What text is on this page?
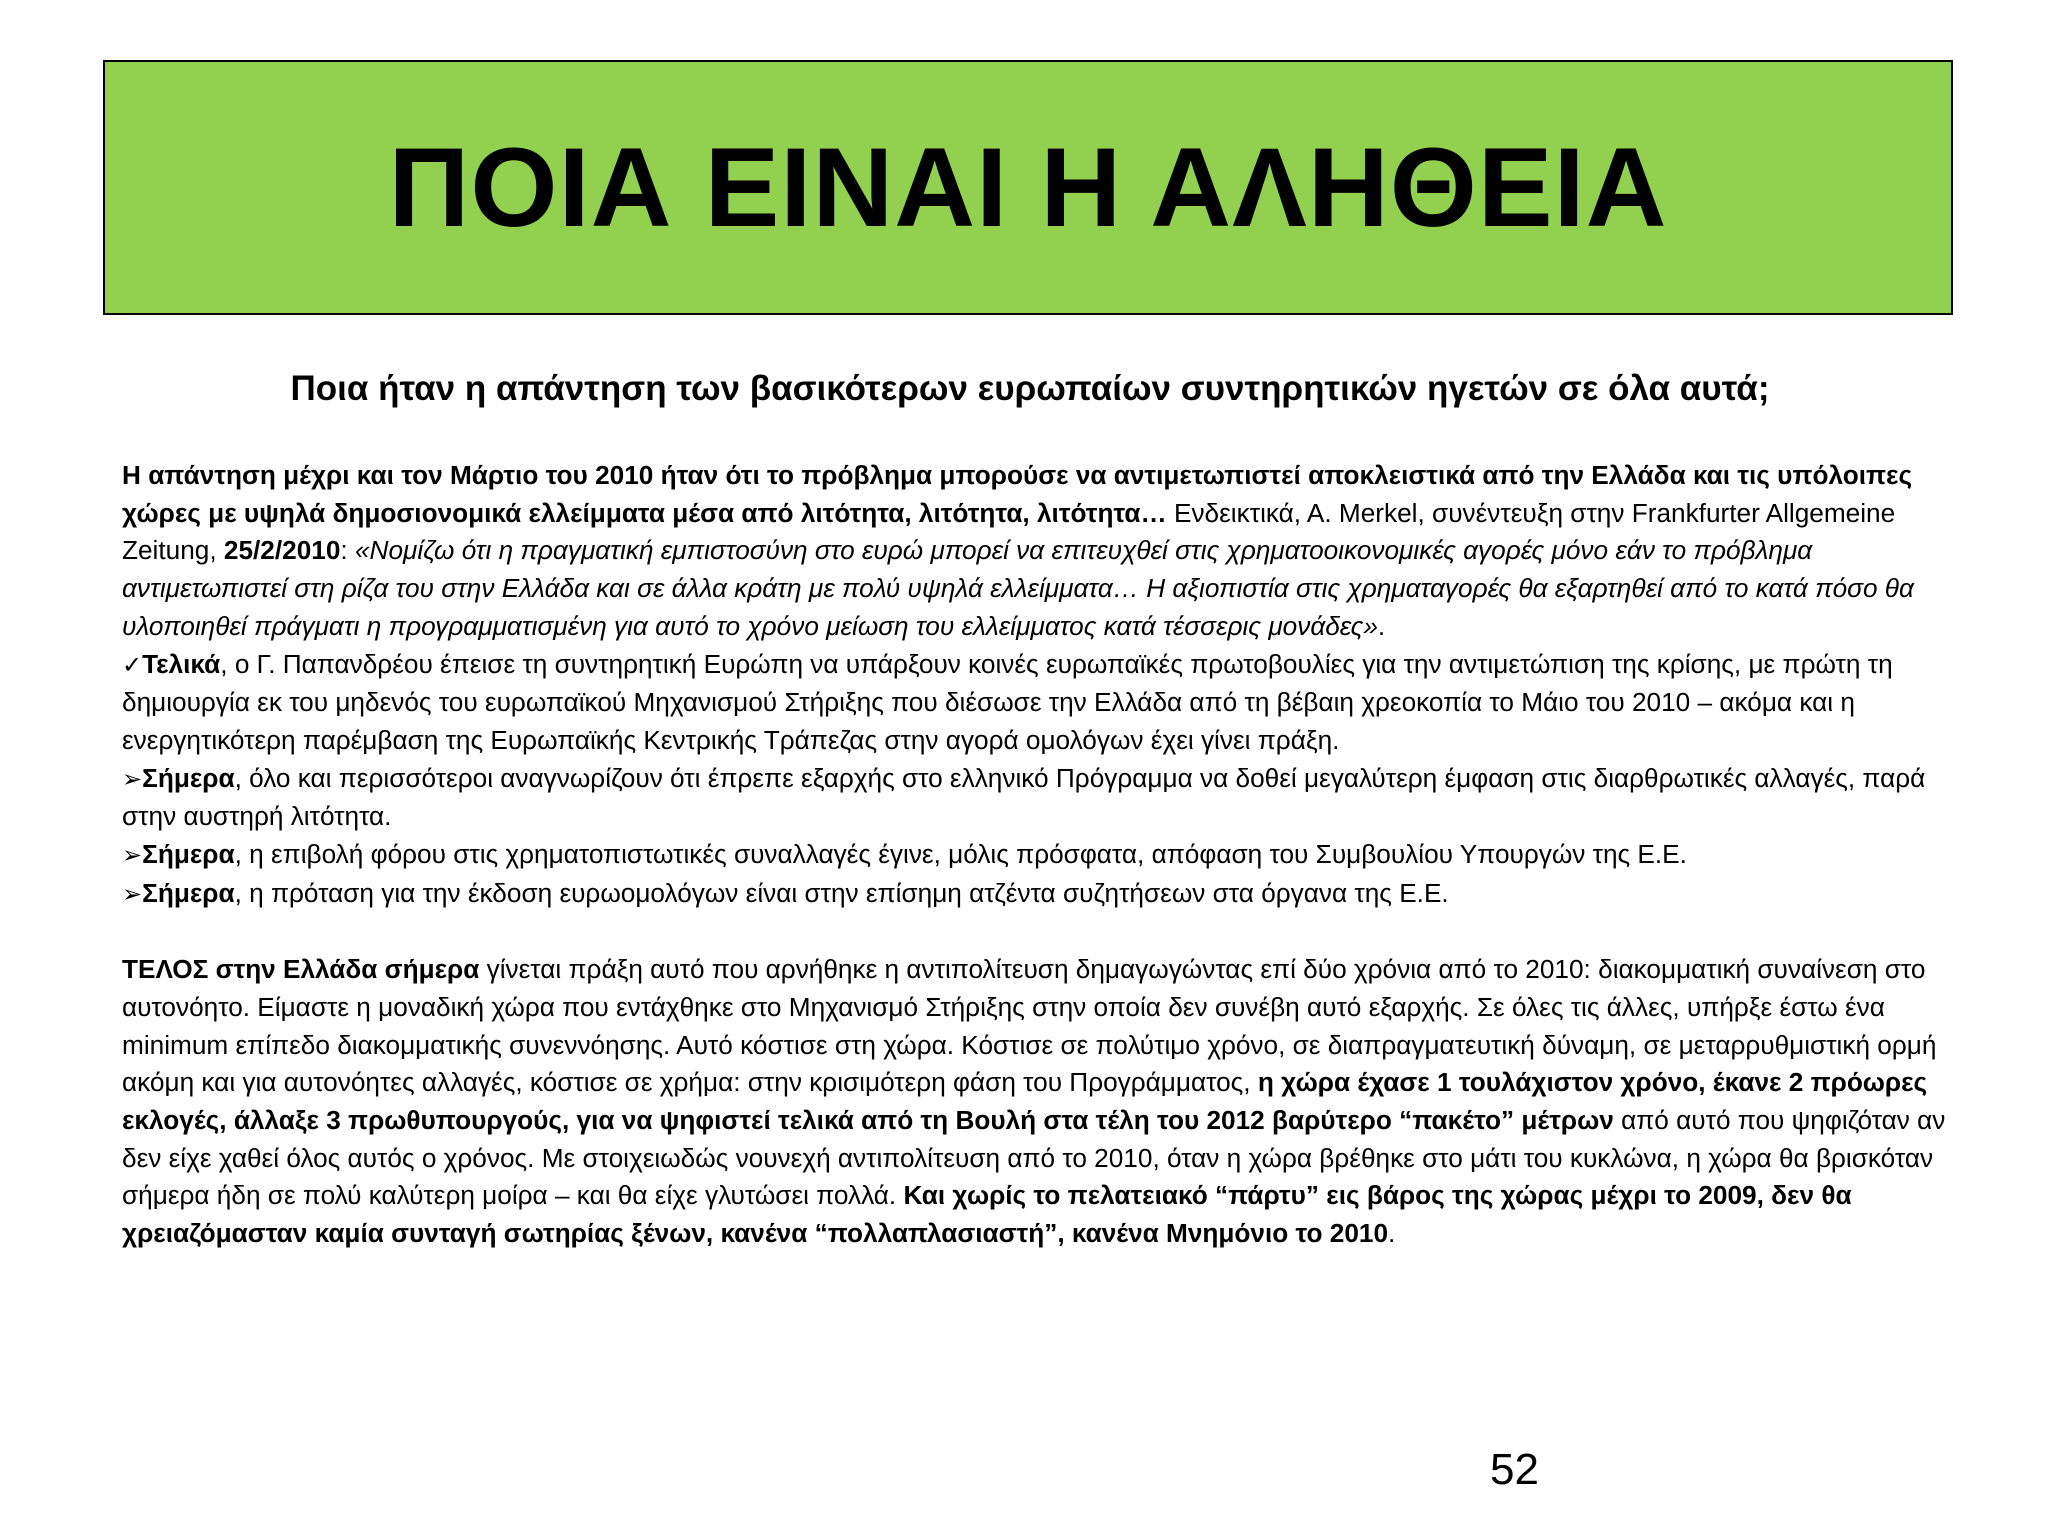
ΠΟΙΑ ΕΙΝΑΙ Η ΑΛΗΘΕΙΑ
Ποια ήταν η απάντηση των βασικότερων ευρωπαίων συντηρητικών ηγετών σε όλα αυτά;

Η απάντηση μέχρι και τον Μάρτιο του 2010 ήταν ότι το πρόβλημα μπορούσε να αντιμετωπιστεί αποκλειστικά από την Ελλάδα και τις υπόλοιπες χώρες με υψηλά δημοσιονομικά ελλείμματα μέσα από λιτότητα, λιτότητα, λιτότητα… Ενδεικτικά, Α. Merkel, συνέντευξη στην Frankfurter Allgemeine Zeitung, 25/2/2010: «Νομίζω ότι η πραγματική εμπιστοσύνη στο ευρώ μπορεί να επιτευχθεί στις χρηματοοικονομικές αγορές μόνο εάν το πρόβλημα αντιμετωπιστεί στη ρίζα του στην Ελλάδα και σε άλλα κράτη με πολύ υψηλά ελλείμματα… Η αξιοπιστία στις χρηματαγορές θα εξαρτηθεί από το κατά πόσο θα υλοποιηθεί πράγματι η προγραμματισμένη για αυτό το χρόνο μείωση του ελλείμματος κατά τέσσερις μονάδες».

✓Τελικά, ο Γ. Παπανδρέου έπεισε τη συντηρητική Ευρώπη να υπάρξουν κοινές ευρωπαϊκές πρωτοβουλίες για την αντιμετώπιση της κρίσης, με πρώτη τη δημιουργία εκ του μηδενός του ευρωπαϊκού Μηχανισμού Στήριξης που διέσωσε την Ελλάδα από τη βέβαιη χρεοκοπία το Μάιο του 2010 – ακόμα και η ενεργητικότερη παρέμβαση της Ευρωπαϊκής Κεντρικής Τράπεζας στην αγορά ομολόγων έχει γίνει πράξη.

➢Σήμερα, όλο και περισσότεροι αναγνωρίζουν ότι έπρεπε εξαρχής στο ελληνικό Πρόγραμμα να δοθεί μεγαλύτερη έμφαση στις διαρθρωτικές αλλαγές, παρά στην αυστηρή λιτότητα.

➢Σήμερα, η επιβολή φόρου στις χρηματοπιστωτικές συναλλαγές έγινε, μόλις πρόσφατα, απόφαση του Συμβουλίου Υπουργών της Ε.Ε.

➢Σήμερα, η πρόταση για την έκδοση ευρωομολόγων είναι στην επίσημη ατζέντα συζητήσεων στα όργανα της Ε.Ε.

ΤΕΛΟΣ στην Ελλάδα σήμερα γίνεται πράξη αυτό που αρνήθηκε η αντιπολίτευση δημαγωγώντας επί δύο χρόνια από το 2010: διακομματική συναίνεση στο αυτονόητο. Είμαστε η μοναδική χώρα που εντάχθηκε στο Μηχανισμό Στήριξης στην οποία δεν συνέβη αυτό εξαρχής. Σε όλες τις άλλες, υπήρξε έστω ένα minimum επίπεδο διακομματικής συνεννόησης. Αυτό κόστισε στη χώρα. Κόστισε σε πολύτιμο χρόνο, σε διαπραγματευτική δύναμη, σε μεταρρυθμιστική ορμή ακόμη και για αυτονόητες αλλαγές, κόστισε σε χρήμα: στην κρισιμότερη φάση του Προγράμματος, η χώρα έχασε 1 τουλάχιστον χρόνο, έκανε 2 πρόωρες εκλογές, άλλαξε 3 πρωθυπουργούς, για να ψηφιστεί τελικά από τη Βουλή στα τέλη του 2012 βαρύτερο “πακέτο” μέτρων από αυτό που ψηφιζόταν αν δεν είχε χαθεί όλος αυτός ο χρόνος. Με στοιχειωδώς νουνεχή αντιπολίτευση από το 2010, όταν η χώρα βρέθηκε στο μάτι του κυκλώνα, η χώρα θα βρισκόταν σήμερα ήδη σε πολύ καλύτερη μοίρα – και θα είχε γλυτώσει πολλά. Και χωρίς το πελατειακό “πάρτυ” εις βάρος της χώρας μέχρι το 2009, δεν θα χρειαζόμασταν καμία συνταγή σωτηρίας ξένων, κανένα “πολλαπλασιαστή”, κανένα Μνημόνιο το 2010.

52
